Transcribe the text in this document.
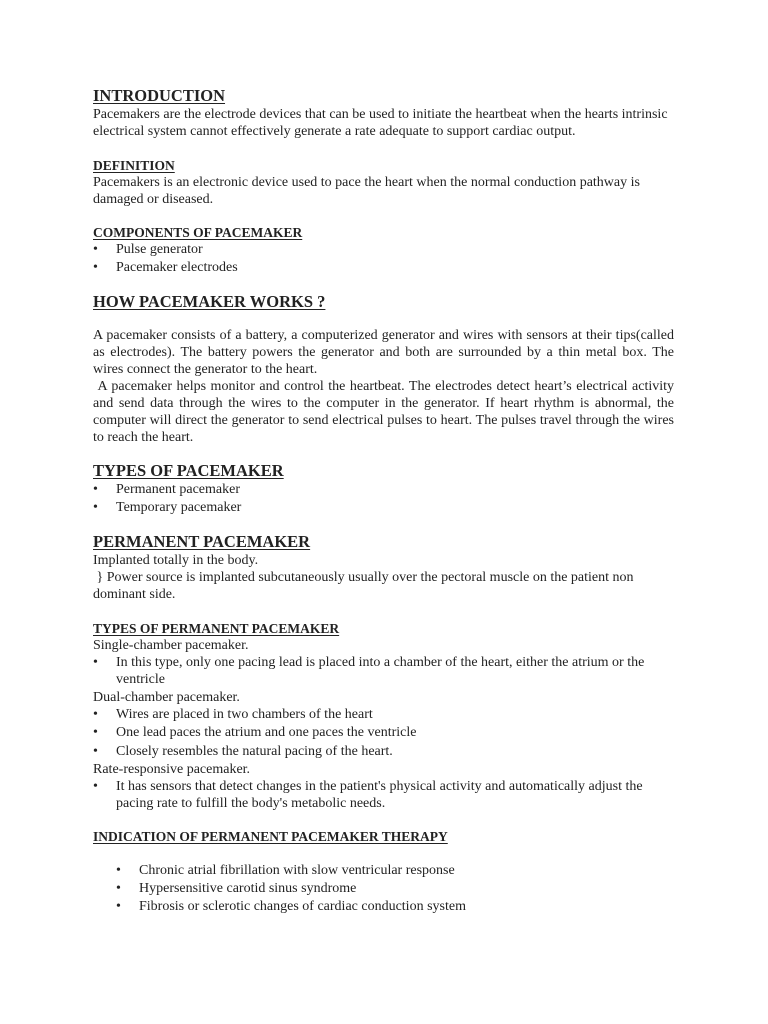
INTRODUCTION

Pacemakers are the electrode devices that can be used to initiate the heartbeat when the hearts intrinsic electrical system cannot effectively generate a rate adequate to support cardiac output.

DEFINITION

Pacemakers is an electronic device used to pace the heart when the normal conduction pathway is damaged or diseased.

COMPONENTS OF PACEMAKER
•	Pulse generator
•	Pacemaker electrodes
HOW PACEMAKER WORKS ?

A pacemaker consists of a battery, a computerized generator and wires with sensors at their tips(called as electrodes). The battery powers the generator and both are surrounded by a thin metal box. The wires connect the generator to the heart.

A pacemaker helps monitor and control the heartbeat. The electrodes detect heart’s electrical activity and send data through the wires to the computer in the generator. If heart rhythm is abnormal, the computer will direct the generator to send electrical pulses to heart. The pulses travel through the wires to reach the heart.

TYPES OF PACEMAKER
•	Permanent pacemaker
•	Temporary pacemaker
PERMANENT PACEMAKER

Implanted totally in the body.

} Power source is implanted subcutaneously usually over the pectoral muscle on the patient non dominant side.

TYPES OF PERMANENT PACEMAKER
Single-chamber pacemaker.
•	In this type, only one pacing lead is placed into a chamber of the heart, either the atrium or the ventricle
Dual-chamber pacemaker.
•	Wires are placed in two chambers of the heart
•	One lead paces the atrium and one paces the ventricle
•	Closely resembles the natural pacing of the heart.
Rate-responsive pacemaker.
•	It has sensors that detect changes in the patient's physical activity and automatically adjust the pacing rate to fulfill the body's metabolic needs.
INDICATION OF PERMANENT PACEMAKER THERAPY
•	Chronic atrial fibrillation with slow ventricular response
•	Hypersensitive carotid sinus syndrome
•	Fibrosis or sclerotic changes of cardiac conduction system
